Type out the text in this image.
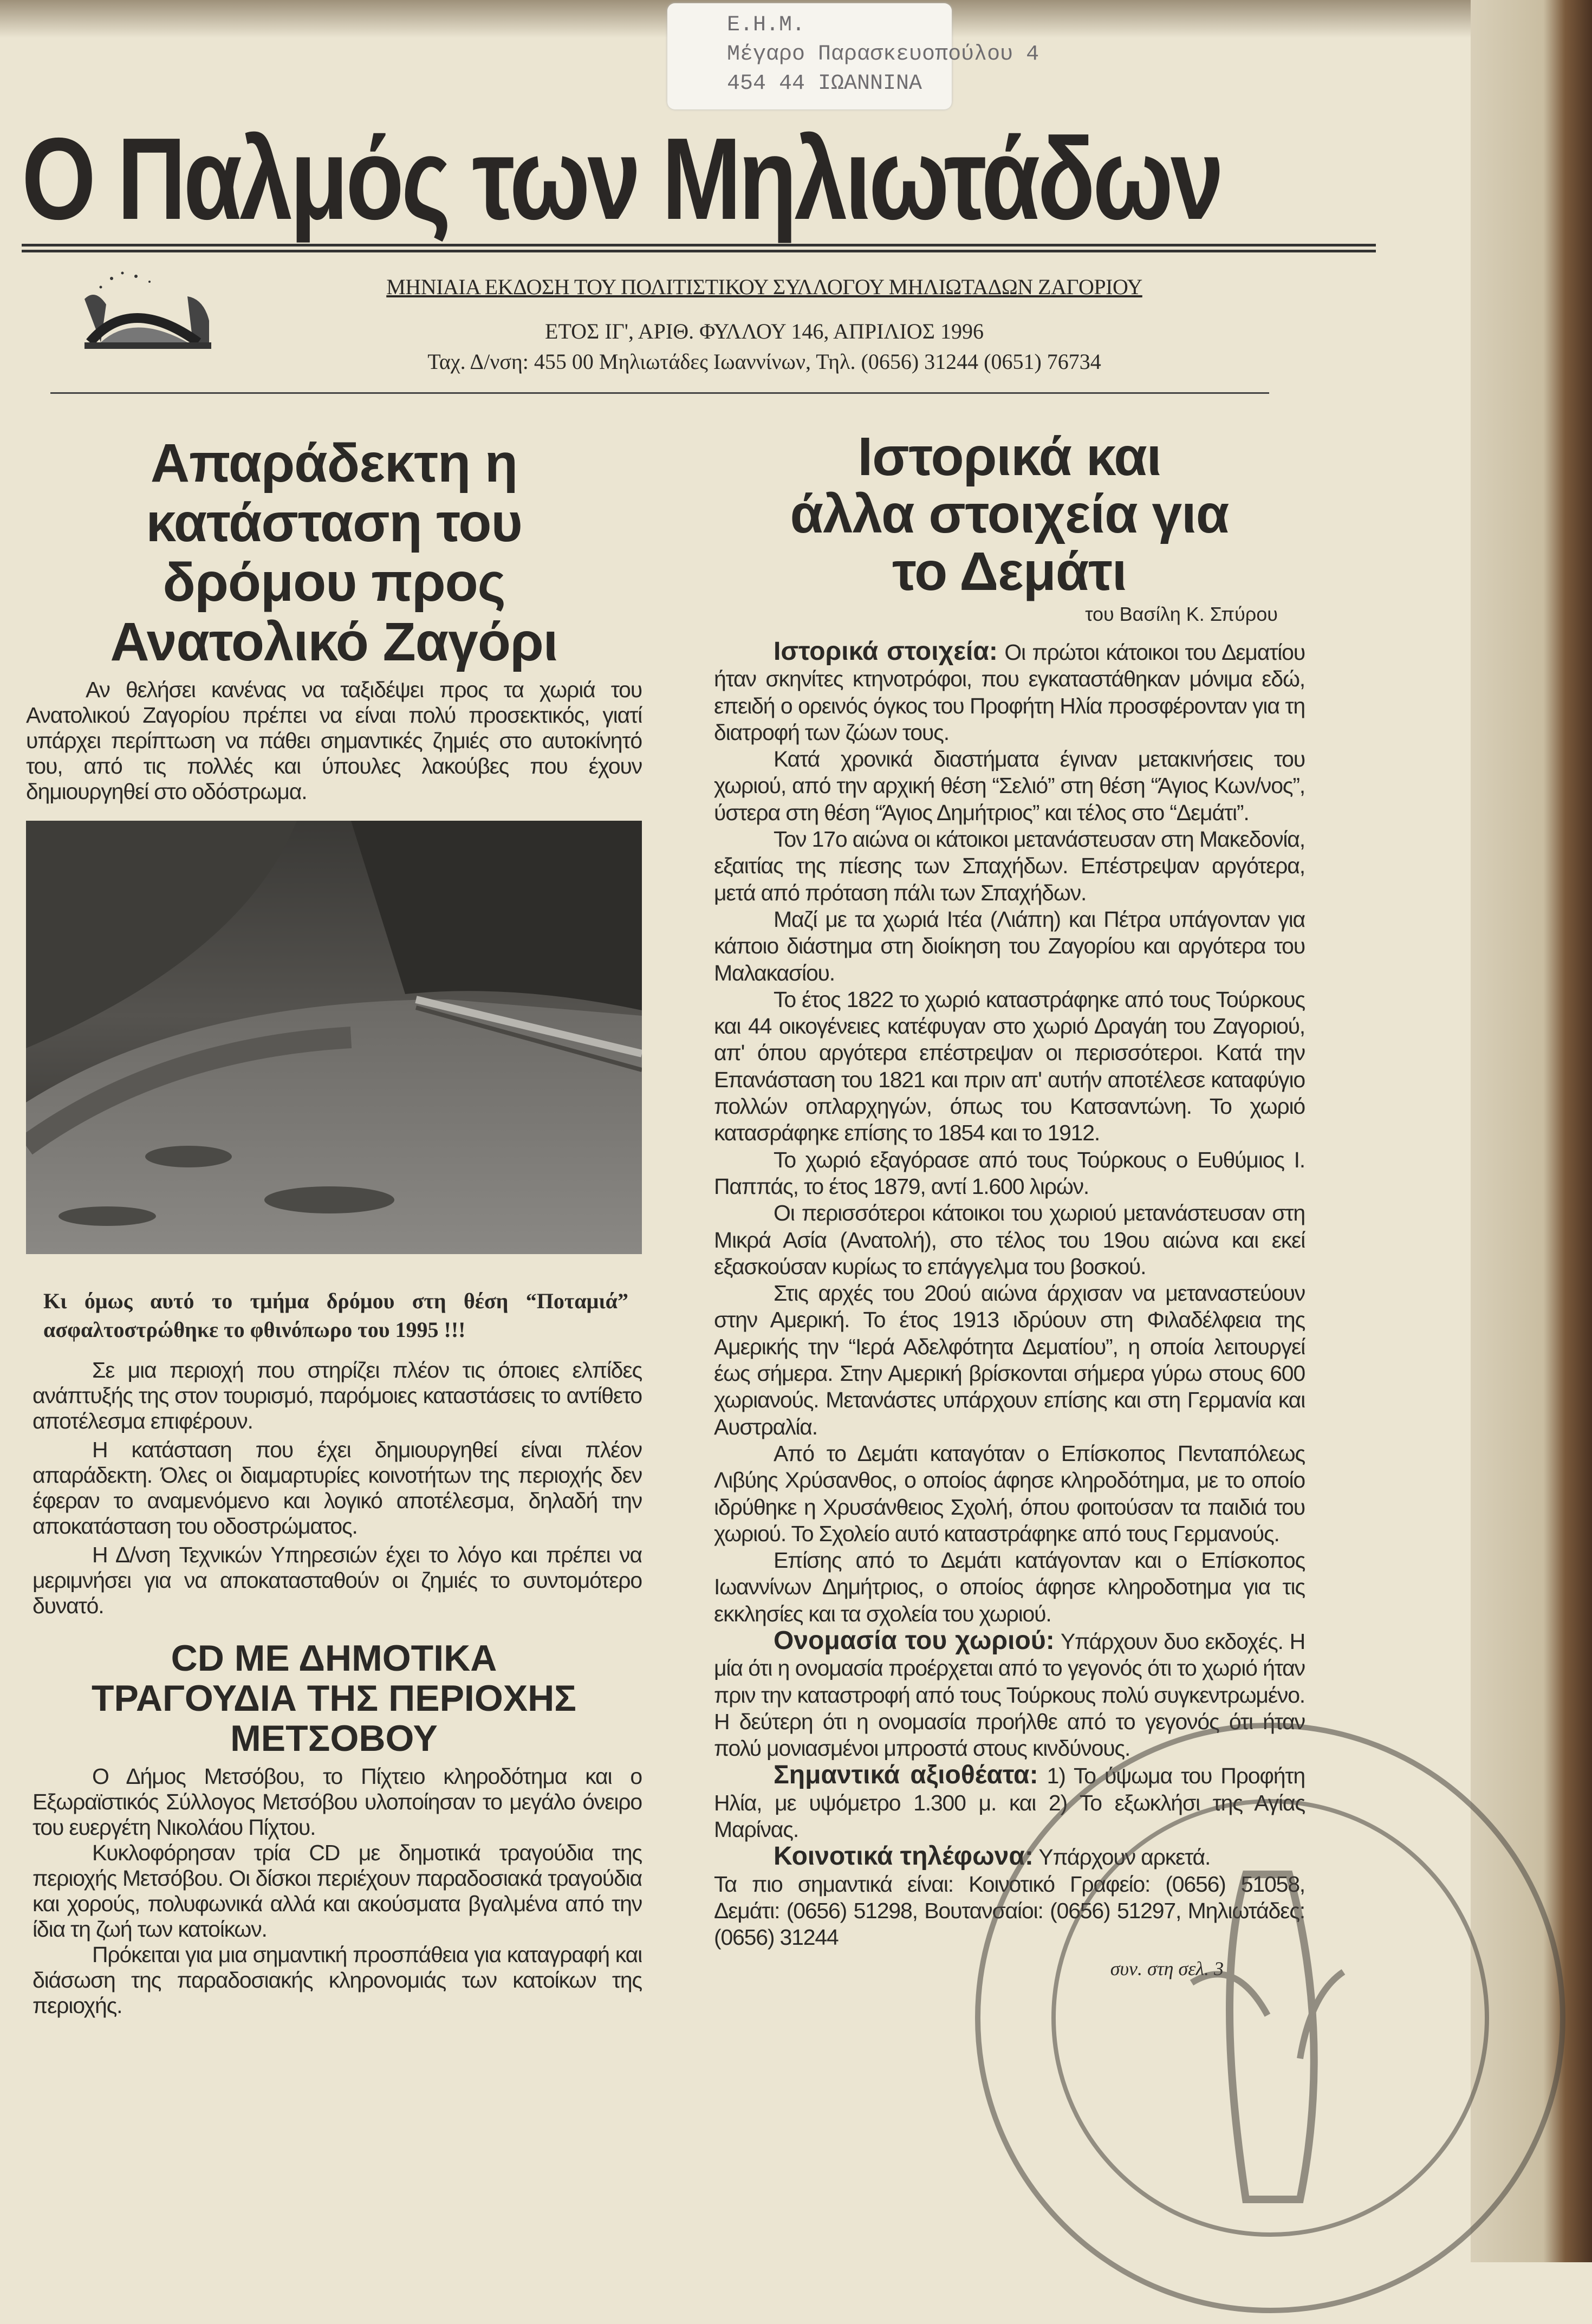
Ε.Η.Μ.
Μέγαρο Παρασκευοπούλου 4
454 44 ΙΩΑΝΝΙΝΑ
Ο Παλμός των Μηλιωτάδων
ΜΗΝΙΑΙΑ ΕΚΔΟΣΗ ΤΟΥ ΠΟΛΙΤΙΣΤΙΚΟΥ ΣΥΛΛΟΓΟΥ ΜΗΛΙΩΤΑΔΩΝ ΖΑΓΟΡΙΟΥ
ΕΤΟΣ ΙΓ', ΑΡΙΘ. ΦΥΛΛΟΥ 146, ΑΠΡΙΛΙΟΣ 1996
Ταχ. Δ/νση: 455 00 Μηλιωτάδες Ιωαννίνων, Τηλ. (0656) 31244 (0651) 76734
Απαράδεκτη η
κατάσταση του
δρόμου προς
Ανατολικό Ζαγόρι

Αν θελήσει κανένας να ταξιδέψει προς τα χωριά του Ανατολικού Ζαγορίου πρέπει να είναι πολύ προσεκτικός, γιατί υπάρχει περίπτωση να πάθει σημαντικές ζημιές στο αυτοκίνητό του, από τις πολλές και ύπουλες λακούβες που έχουν δημιουργηθεί στο οδόστρωμα.

Κι όμως αυτό το τμήμα δρόμου στη θέση “Ποταμιά” ασφαλτοστρώθηκε το φθινόπωρο του 1995 !!!

Σε μια περιοχή που στηρίζει πλέον τις όποιες ελπίδες ανάπτυξής της στον τουρισμό, παρόμοιες καταστάσεις το αντίθετο αποτέλεσμα επιφέρουν.

Η κατάσταση που έχει δημιουργηθεί είναι πλέον απαράδεκτη. Όλες οι διαμαρτυρίες κοινοτήτων της περιοχής δεν έφεραν το αναμενόμενο και λογικό αποτέλεσμα, δηλαδή την αποκατάσταση του οδοστρώματος.

Η Δ/νση Τεχνικών Υπηρεσιών έχει το λόγο και πρέπει να μεριμνήσει για να αποκατασταθούν οι ζημιές το συντομότερο δυνατό.

CD ΜΕ ΔΗΜΟΤΙΚΑ
ΤΡΑΓΟΥΔΙΑ ΤΗΣ ΠΕΡΙΟΧΗΣ
ΜΕΤΣΟΒΟΥ

Ο Δήμος Μετσόβου, το Πίχτειο κληροδότημα και ο Εξωραϊστικός Σύλλογος Μετσόβου υλοποίησαν το μεγάλο όνειρο του ευεργέτη Νικολάου Πίχτου.

Κυκλοφόρησαν τρία CD με δημοτικά τραγούδια της περιοχής Μετσόβου. Οι δίσκοι περιέχουν παραδοσιακά τραγούδια και χορούς, πολυφωνικά αλλά και ακούσματα βγαλμένα από την ίδια τη ζωή των κατοίκων.

Πρόκειται για μια σημαντική προσπάθεια για καταγραφή και διάσωση της παραδοσιακής κληρονομιάς των κατοίκων της περιοχής.

Ιστορικά και
άλλα στοιχεία για
το Δεμάτι
του Βασίλη Κ. Σπύρου

Ιστορικά στοιχεία: Οι πρώτοι κάτοικοι του Δεματίου ήταν σκηνίτες κτηνοτρόφοι, που εγκαταστάθηκαν μόνιμα εδώ, επειδή ο ορεινός όγκος του Προφήτη Ηλία προσφέρονταν για τη διατροφή των ζώων τους.

Κατά χρονικά διαστήματα έγιναν μετακινήσεις του χωριού, από την αρχική θέση “Σελιό” στη θέση “Άγιος Κων/νος”, ύστερα στη θέση “Άγιος Δημήτριος” και τέλος στο “Δεμάτι”.

Τον 17ο αιώνα οι κάτοικοι μετανάστευσαν στη Μακεδονία, εξαιτίας της πίεσης των Σπαχήδων. Επέστρεψαν αργότερα, μετά από πρόταση πάλι των Σπαχήδων.

Μαζί με τα χωριά Ιτέα (Λιάπη) και Πέτρα υπάγονταν για κάποιο διάστημα στη διοίκηση του Ζαγορίου και αργότερα του Μαλακασίου.

Το έτος 1822 το χωριό καταστράφηκε από τους Τούρκους και 44 οικογένειες κατέφυγαν στο χωριό Δραγάη του Ζαγοριού, απ' όπου αργότερα επέστρεψαν οι περισσότεροι. Κατά την Επανάσταση του 1821 και πριν απ' αυτήν αποτέλεσε καταφύγιο πολλών οπλαρχηγών, όπως του Κατσαντώνη. Το χωριό κατασράφηκε επίσης το 1854 και το 1912.

Το χωριό εξαγόρασε από τους Τούρκους ο Ευθύμιος Ι. Παππάς, το έτος 1879, αντί 1.600 λιρών.

Οι περισσότεροι κάτοικοι του χωριού μετανάστευσαν στη Μικρά Ασία (Ανατολή), στο τέλος του 19ου αιώνα και εκεί εξασκούσαν κυρίως το επάγγελμα του βοσκού.

Στις αρχές του 20ού αιώνα άρχισαν να μεταναστεύουν στην Αμερική. Το έτος 1913 ιδρύουν στη Φιλαδέλφεια της Αμερικής την “Ιερά Αδελφότητα Δεματίου”, η οποία λειτουργεί έως σήμερα. Στην Αμερική βρίσκονται σήμερα γύρω στους 600 χωριανούς. Μετανάστες υπάρχουν επίσης και στη Γερμανία και Αυστραλία.

Από το Δεμάτι καταγόταν ο Επίσκοπος Πενταπόλεως Λιβύης Χρύσανθος, ο οποίος άφησε κληροδότημα, με το οποίο ιδρύθηκε η Χρυσάνθειος Σχολή, όπου φοιτούσαν τα παιδιά του χωριού. Το Σχολείο αυτό καταστράφηκε από τους Γερμανούς.

Επίσης από το Δεμάτι κατάγονταν και ο Επίσκοπος Ιωαννίνων Δημήτριος, ο οποίος άφησε κληροδοτημα για τις εκκλησίες και τα σχολεία του χωριού.

Ονομασία του χωριού: Υπάρχουν δυο εκδοχές. Η μία ότι η ονομασία προέρχεται από το γεγονός ότι το χωριό ήταν πριν την καταστροφή από τους Τούρκους πολύ συγκεντρωμένο. Η δεύτερη ότι η ονομασία προήλθε από το γεγονός ότι ήταν πολύ μονιασμένοι μπροστά στους κινδύνους.

Σημαντικά αξιοθέατα: 1) Το ύψωμα του Προφήτη Ηλία, με υψόμετρο 1.300 μ. και 2) Το εξωκλήσι της Αγίας Μαρίνας.

Κοινοτικά τηλέφωνα: Υπάρχουν αρκετά.

Τα πιο σημαντικά είναι: Κοινοτικό Γραφείο: (0656) 51058, Δεμάτι: (0656) 51298, Βουτανσαίοι: (0656) 51297, Μηλιωτάδες: (0656) 31244

συν. στη σελ. 3
